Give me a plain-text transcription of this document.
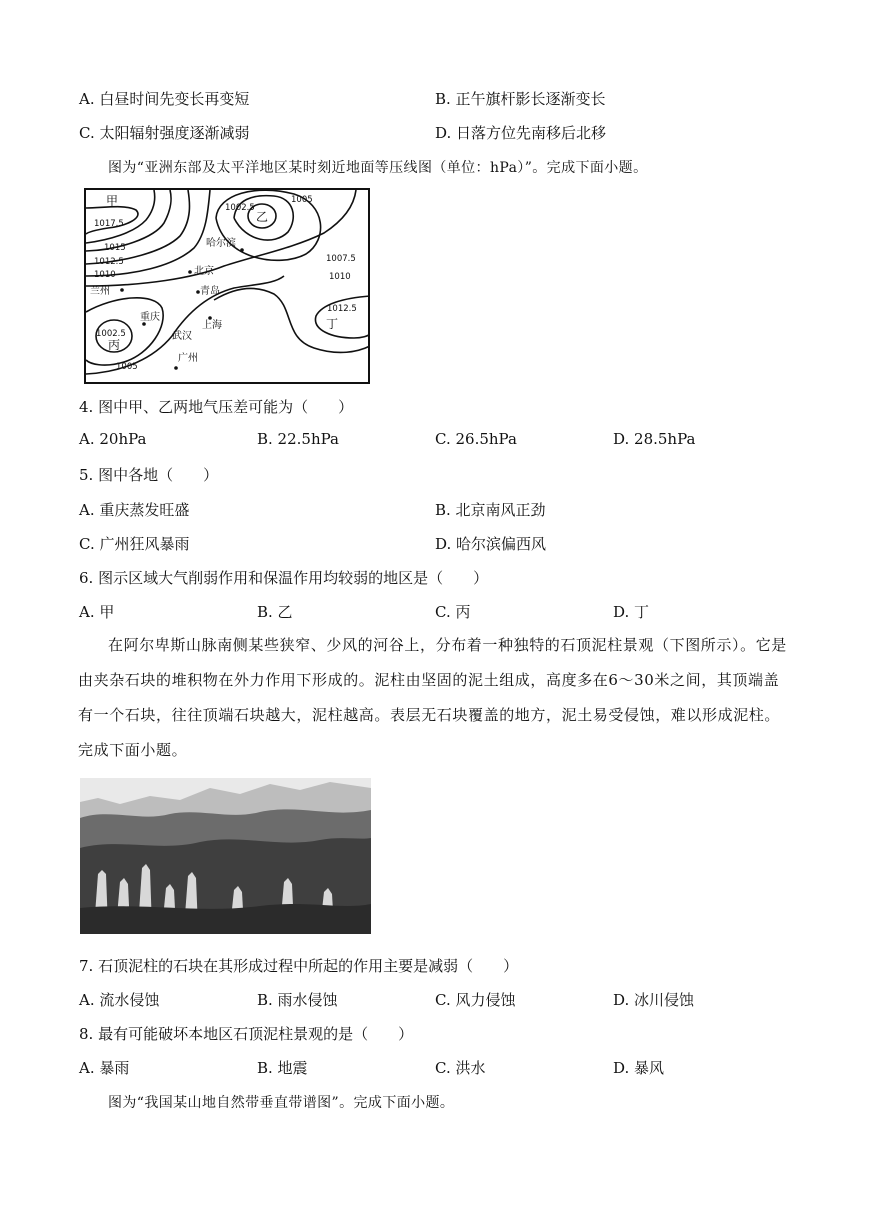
A. 白昼时间先变长再变短	B. 正午旗杆影长逐渐变长
C. 太阳辐射强度逐渐减弱	D. 日落方位先南移后北移
图为“亚洲东部及太平洋地区某时刻近地面等压线图（单位：hPa）”。完成下面小题。
1017.5
1015
1012.5
1010
1002.5
1005
1007.5
1010
1012.5
1002.5
1005
甲
乙
丙
丁
哈尔滨
北京
青岛
兰州
重庆
上海
武汉
广州
4. 图中甲、乙两地气压差可能为（　　）
A. 20hPa	B. 22.5hPa	C. 26.5hPa	D. 28.5hPa
5. 图中各地（　　）
A. 重庆蒸发旺盛	B. 北京南风正劲
C. 广州狂风暴雨	D. 哈尔滨偏西风
6. 图示区域大气削弱作用和保温作用均较弱的地区是（　　）
A. 甲	B. 乙	C. 丙	D. 丁

在阿尔卑斯山脉南侧某些狭窄、少风的河谷上，分布着一种独特的石顶泥柱景观（下图所示）。它是由夹杂石块的堆积物在外力作用下形成的。泥柱由坚固的泥土组成，高度多在6～30米之间，其顶端盖有一个石块，往往顶端石块越大，泥柱越高。表层无石块覆盖的地方，泥土易受侵蚀，难以形成泥柱。完成下面小题。

7. 石顶泥柱的石块在其形成过程中所起的作用主要是减弱（　　）
A. 流水侵蚀	B. 雨水侵蚀	C. 风力侵蚀	D. 冰川侵蚀
8. 最有可能破坏本地区石顶泥柱景观的是（　　）
A. 暴雨	B. 地震	C. 洪水	D. 暴风
图为“我国某山地自然带垂直带谱图”。完成下面小题。
